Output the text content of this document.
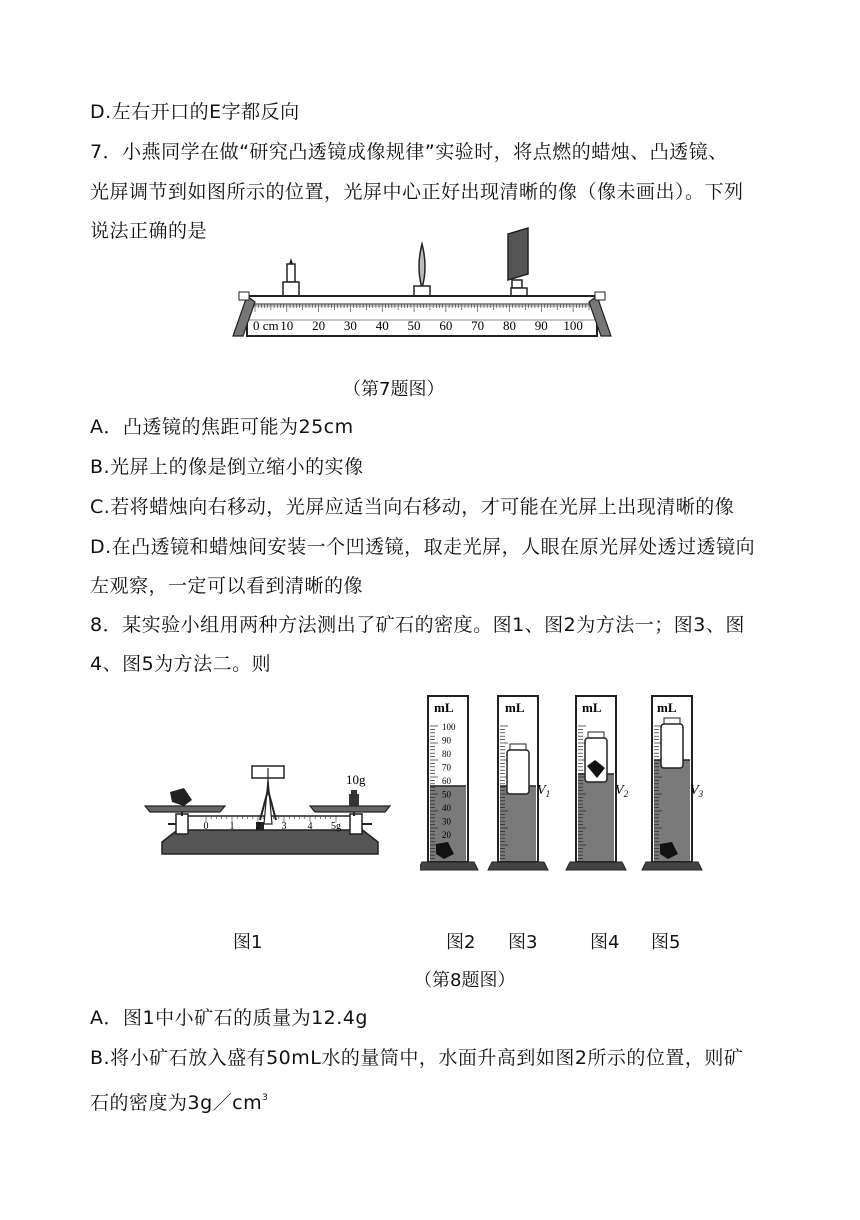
D.左右开口的E字都反向
7．小燕同学在做“研究凸透镜成像规律”实验时，将点燃的蜡烛、凸透镜、
光屏调节到如图所示的位置，光屏中心正好出现清晰的像（像未画出）。下列
说法正确的是
0 cm 10 20 30 40 50 60 70 80 90 100
（第7题图）
A．凸透镜的焦距可能为25cm
B.光屏上的像是倒立缩小的实像
C.若将蜡烛向右移动，光屏应适当向右移动，才可能在光屏上出现清晰的像
D.在凸透镜和蜡烛间安装一个凹透镜，取走光屏，人眼在原光屏处透过透镜向
左观察，一定可以看到清晰的像
8．某实验小组用两种方法测出了矿石的密度。图1、图2为方法一；图3、图
4、图5为方法二。则
10g
0 1 2 3 4 5g
mL	mL	mL	mL
100
90
80
70
60
50
40
30
20
$V_1$	$V_2$	$V_3$
图1	图2 图3	图4 图5
（第8题图）
A．图1中小矿石的质量为12.4g
B.将小矿石放入盛有50mL水的量筒中，水面升高到如图2所示的位置，则矿
石的密度为$3g/cm^3$
